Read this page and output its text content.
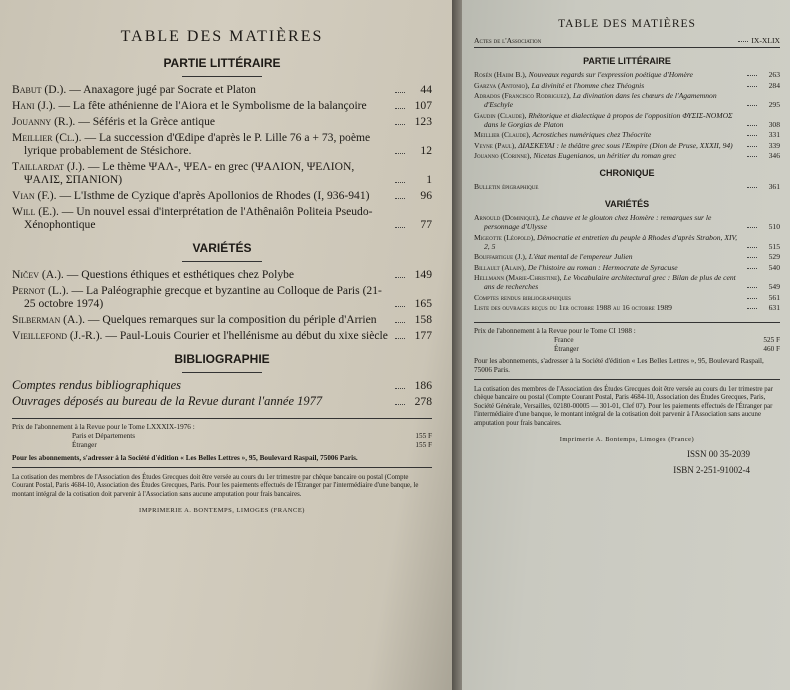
TABLE DES MATIÈRES
PARTIE LITTÉRAIRE
Babut (D.). — Anaxagore jugé par Socrate et Platon	44
Hani (J.). — La fête athénienne de l'Aiora et le Symbolisme de la balançoire	107
Jouanny (R.). — Séféris et la Grèce antique	123
Meillier (Cl.). — La succession d'Œdipe d'après le P. Lille 76 a + 73, poème lyrique probablement de Stésichore.	12
Taillardat (J.). — Le thème ΨΑΛ-, ΨΕΛ- en grec (ΨΑΛΙΟΝ, ΨΕΛΙΟΝ, ΨΑΛΙΣ, ΣΠΑΝΙΟΝ)	1
Vian (F.). — L'Isthme de Cyzique d'après Apollonios de Rhodes (I, 936-941)	96
Will (E.). — Un nouvel essai d'interprétation de l'Athênaiôn Politeia Pseudo-Xénophontique	77
VARIÉTÉS
Ničev (A.). — Questions éthiques et esthétiques chez Polybe	149
Pernot (L.). — La Paléographie grecque et byzantine au Colloque de Paris (21-25 octobre 1974)	165
Silberman (A.). — Quelques remarques sur la composition du périple d'Arrien	158
Vieillefond (J.-R.). — Paul-Louis Courier et l'hellénisme au début du xixe siècle	177
BIBLIOGRAPHIE
Comptes rendus bibliographiques	186
Ouvrages déposés au bureau de la Revue durant l'année 1977	278
Prix de l'abonnement à la Revue pour le Tome LXXXIX-1976 :
Paris et Départements	155 F
Étranger	155 F
Pour les abonnements, s'adresser à la Société d'édition « Les Belles Lettres », 95, Boulevard Raspail, 75006 Paris.
La cotisation des membres de l'Association des Études Grecques doit être versée au cours du 1er trimestre par chèque bancaire ou postal (Compte Courant Postal, Paris 4684-10, Association des Études Grecques, Paris. Pour les paiements effectués de l'Étranger par l'intermédiaire d'une banque, le montant intégral de la cotisation doit parvenir à l'Association sans aucune amputation pour frais bancaires.
IMPRIMERIE A. BONTEMPS, LIMOGES (FRANCE)
TABLE DES MATIÈRES
Actes de l'Association	IX-XLIX
PARTIE LITTÉRAIRE
Rosén (Haiim B.), Nouveaux regards sur l'expression poétique d'Homère	263
Garzya (Antonio), La divinité et l'homme chez Théognis	284
Adrados (Francisco Rodriguez), La divination dans les chœurs de l'Agamemnon d'Eschyle	295
Gaudin (Claude), Rhétorique et dialectique à propos de l'opposition ΦΥΣΙΣ-ΝΟΜΟΣ dans le Gorgias de Platon	308
Meillier (Claude), Acrostiches numériques chez Théocrite	331
Veyne (Paul), ΔΙΑΣΚΕΥΑΙ : le théâtre grec sous l'Empire (Dion de Pruse, XXXII, 94)	339
Jouanno (Corinne), Nicetas Eugenianos, un héritier du roman grec	346
CHRONIQUE
Bulletin épigraphique	361
VARIÉTÉS
Arnould (Dominique), Le chauve et le glouton chez Homère : remarques sur le personnage d'Ulysse	510
Migeotte (Léopold), Démocratie et entretien du peuple à Rhodes d'après Strabon, XIV, 2, 5	515
Bouffartigue (J.), L'état mental de l'empereur Julien	529
Billault (Alain), De l'histoire au roman : Hermocrate de Syracuse	540
Hellmann (Marie-Christine), Le Vocabulaire architectural grec : Bilan de plus de cent ans de recherches	549
Comptes rendus bibliographiques	561
Liste des ouvrages reçus du 1er octobre 1988 au 16 octobre 1989	631
Prix de l'abonnement à la Revue pour le Tome CI 1988 :
France	525 F
Étranger	460 F
Pour les abonnements, s'adresser à la Société d'édition « Les Belles Lettres », 95, Boulevard Raspail, 75006 Paris.
La cotisation des membres de l'Association des Études Grecques doit être versée au cours du 1er trimestre par chèque bancaire ou postal (Compte Courant Postal, Paris 4684-10, Association des Études Grecques, Paris, Société Générale, Versailles, 02180-00005 — 301-01, Clef 07). Pour les paiements effectués de l'Étranger par l'intermédiaire d'une banque, le montant intégral de la cotisation doit parvenir à l'Association sans aucune amputation pour frais bancaires.
Imprimerie A. Bontemps, Limoges (France)
ISSN 00 35-2039
ISBN 2-251-91002-4
